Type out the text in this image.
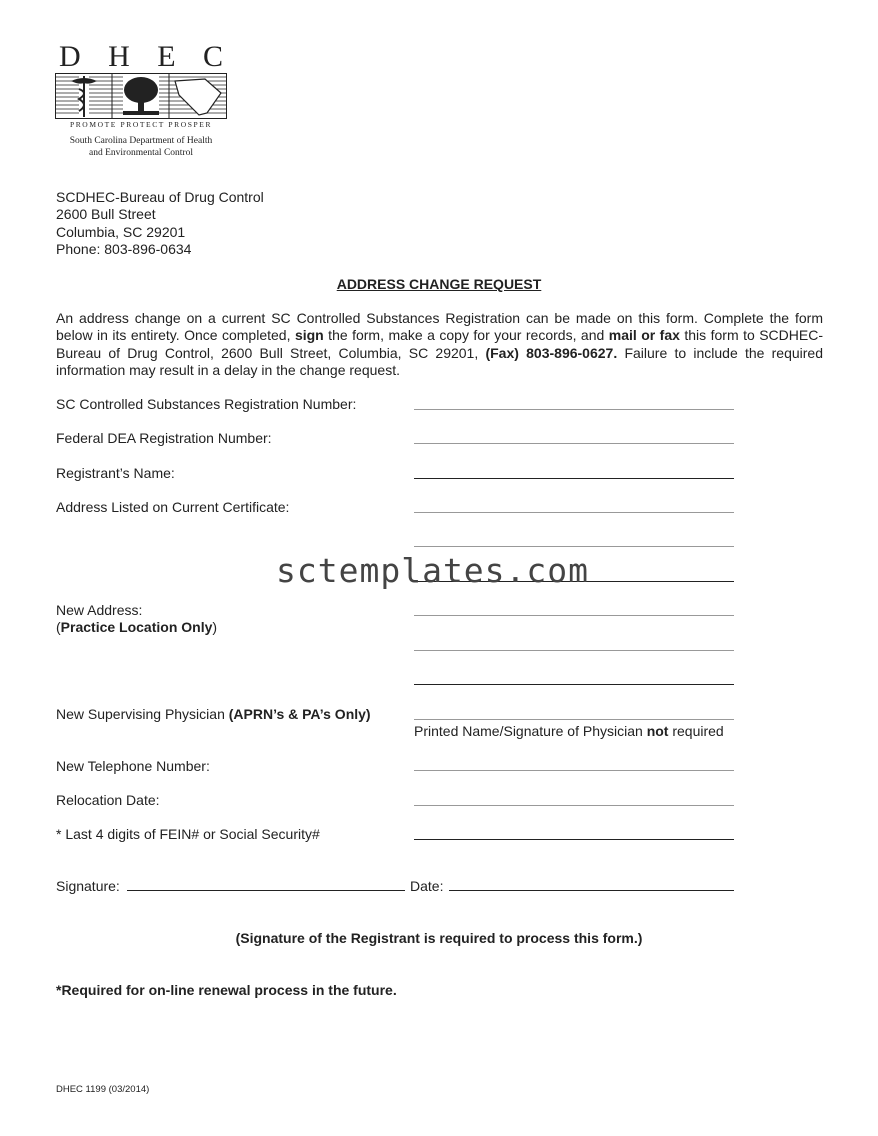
D H E C
PROMOTE PROTECT PROSPER
South Carolina Department of Health
and Environmental Control
SCDHEC-Bureau of Drug Control
2600 Bull Street
Columbia, SC 29201
Phone: 803-896-0634
ADDRESS CHANGE REQUEST
An address change on a current SC Controlled Substances Registration can be made on this form. Complete the form below in its entirety. Once completed, sign the form, make a copy for your records, and mail or fax this form to SCDHEC-Bureau of Drug Control, 2600 Bull Street, Columbia, SC 29201, (Fax) 803-896-0627. Failure to include the required information may result in a delay in the change request.
SC Controlled Substances Registration Number:
Federal DEA Registration Number:
Registrant’s Name:
Address Listed on Current Certificate:
sctemplates.com
New Address:
(Practice Location Only)
New Supervising Physician (APRN’s & PA’s Only)
Printed Name/Signature of Physician not required
New Telephone Number:
Relocation Date:
* Last 4 digits of FEIN# or Social Security#
Signature:	Date:
(Signature of the Registrant is required to process this form.)
*Required for on-line renewal process in the future.
DHEC 1199 (03/2014)
